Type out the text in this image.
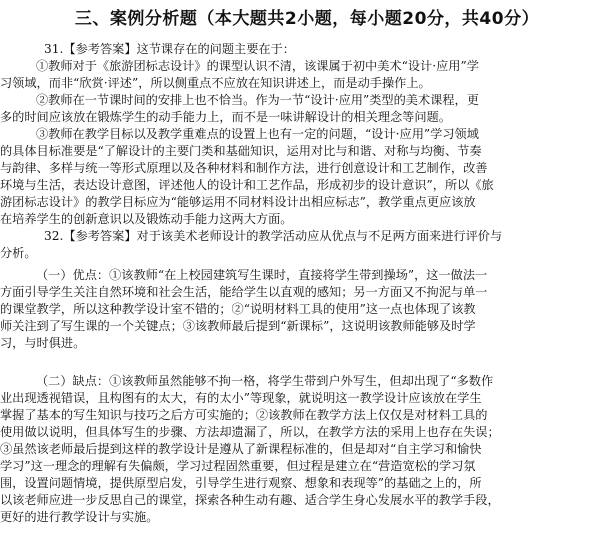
三、案例分析题（本大题共2小题，每小题20分，共40分）
31.【参考答案】这节课存在的问题主要在于：
①教师对于《旅游团标志设计》的课型认识不清，该课属于初中美术“设计·应用”学
习领域，而非“欣赏·评述”，所以侧重点不应放在知识讲述上，而是动手操作上。
②教师在一节课时间的安排上也不恰当。作为一节“设计·应用”类型的美术课程，更
多的时间应该放在锻炼学生的动手能力上，而不是一味讲解设计的相关理念等问题。
③教师在教学目标以及教学重难点的设置上也有一定的问题，“设计·应用”学习领域
的具体目标准要是“了解设计的主要门类和基础知识，运用对比与和谐、对称与均衡、节奏
与韵律、多样与统一等形式原理以及各种材料和制作方法，进行创意设计和工艺制作，改善
环境与生活，表达设计意图，评述他人的设计和工艺作品，形成初步的设计意识”，所以《旅
游团标志设计》的教学目标应为“能够运用不同材料设计出相应标志”，教学重点更应该放
在培养学生的创新意识以及锻炼动手能力这两大方面。
32.【参考答案】对于该美术老师设计的教学活动应从优点与不足两方面来进行评价与
分析。
（一）优点：①该教师“在上校园建筑写生课时，直接将学生带到操场”，这一做法一
方面引导学生关注自然环境和社会生活，能给学生以直观的感知；另一方面又不拘泥与单一
的课堂教学，所以这种教学设计室不错的；②“说明材料工具的使用”这一点也体现了该教
师关注到了写生课的一个关键点；③该教师最后提到“新课标”，这说明该教师能够及时学
习，与时俱进。
（二）缺点：①该教师虽然能够不拘一格，将学生带到户外写生，但却出现了“多数作
业出现透视错误，且构图有的太大，有的太小”等现象，就说明这一教学设计应该放在学生
掌握了基本的写生知识与技巧之后方可实施的；②该教师在教学方法上仅仅是对材料工具的
使用做以说明，但具体写生的步骤、方法却遗漏了，所以，在教学方法的采用上也存在失误；
③虽然该老师最后提到这样的教学设计是遵从了新课程标准的，但是却对“自主学习和愉快
学习”这一理念的理解有失偏颇，学习过程固然重要，但过程是建立在“营造宽松的学习氛
围，设置问题情境，提供原型启发，引导学生进行观察、想象和表现等”的基础之上的，所
以该老师应进一步反思自己的课堂，探索各种生动有趣、适合学生身心发展水平的教学手段，
更好的进行教学设计与实施。
